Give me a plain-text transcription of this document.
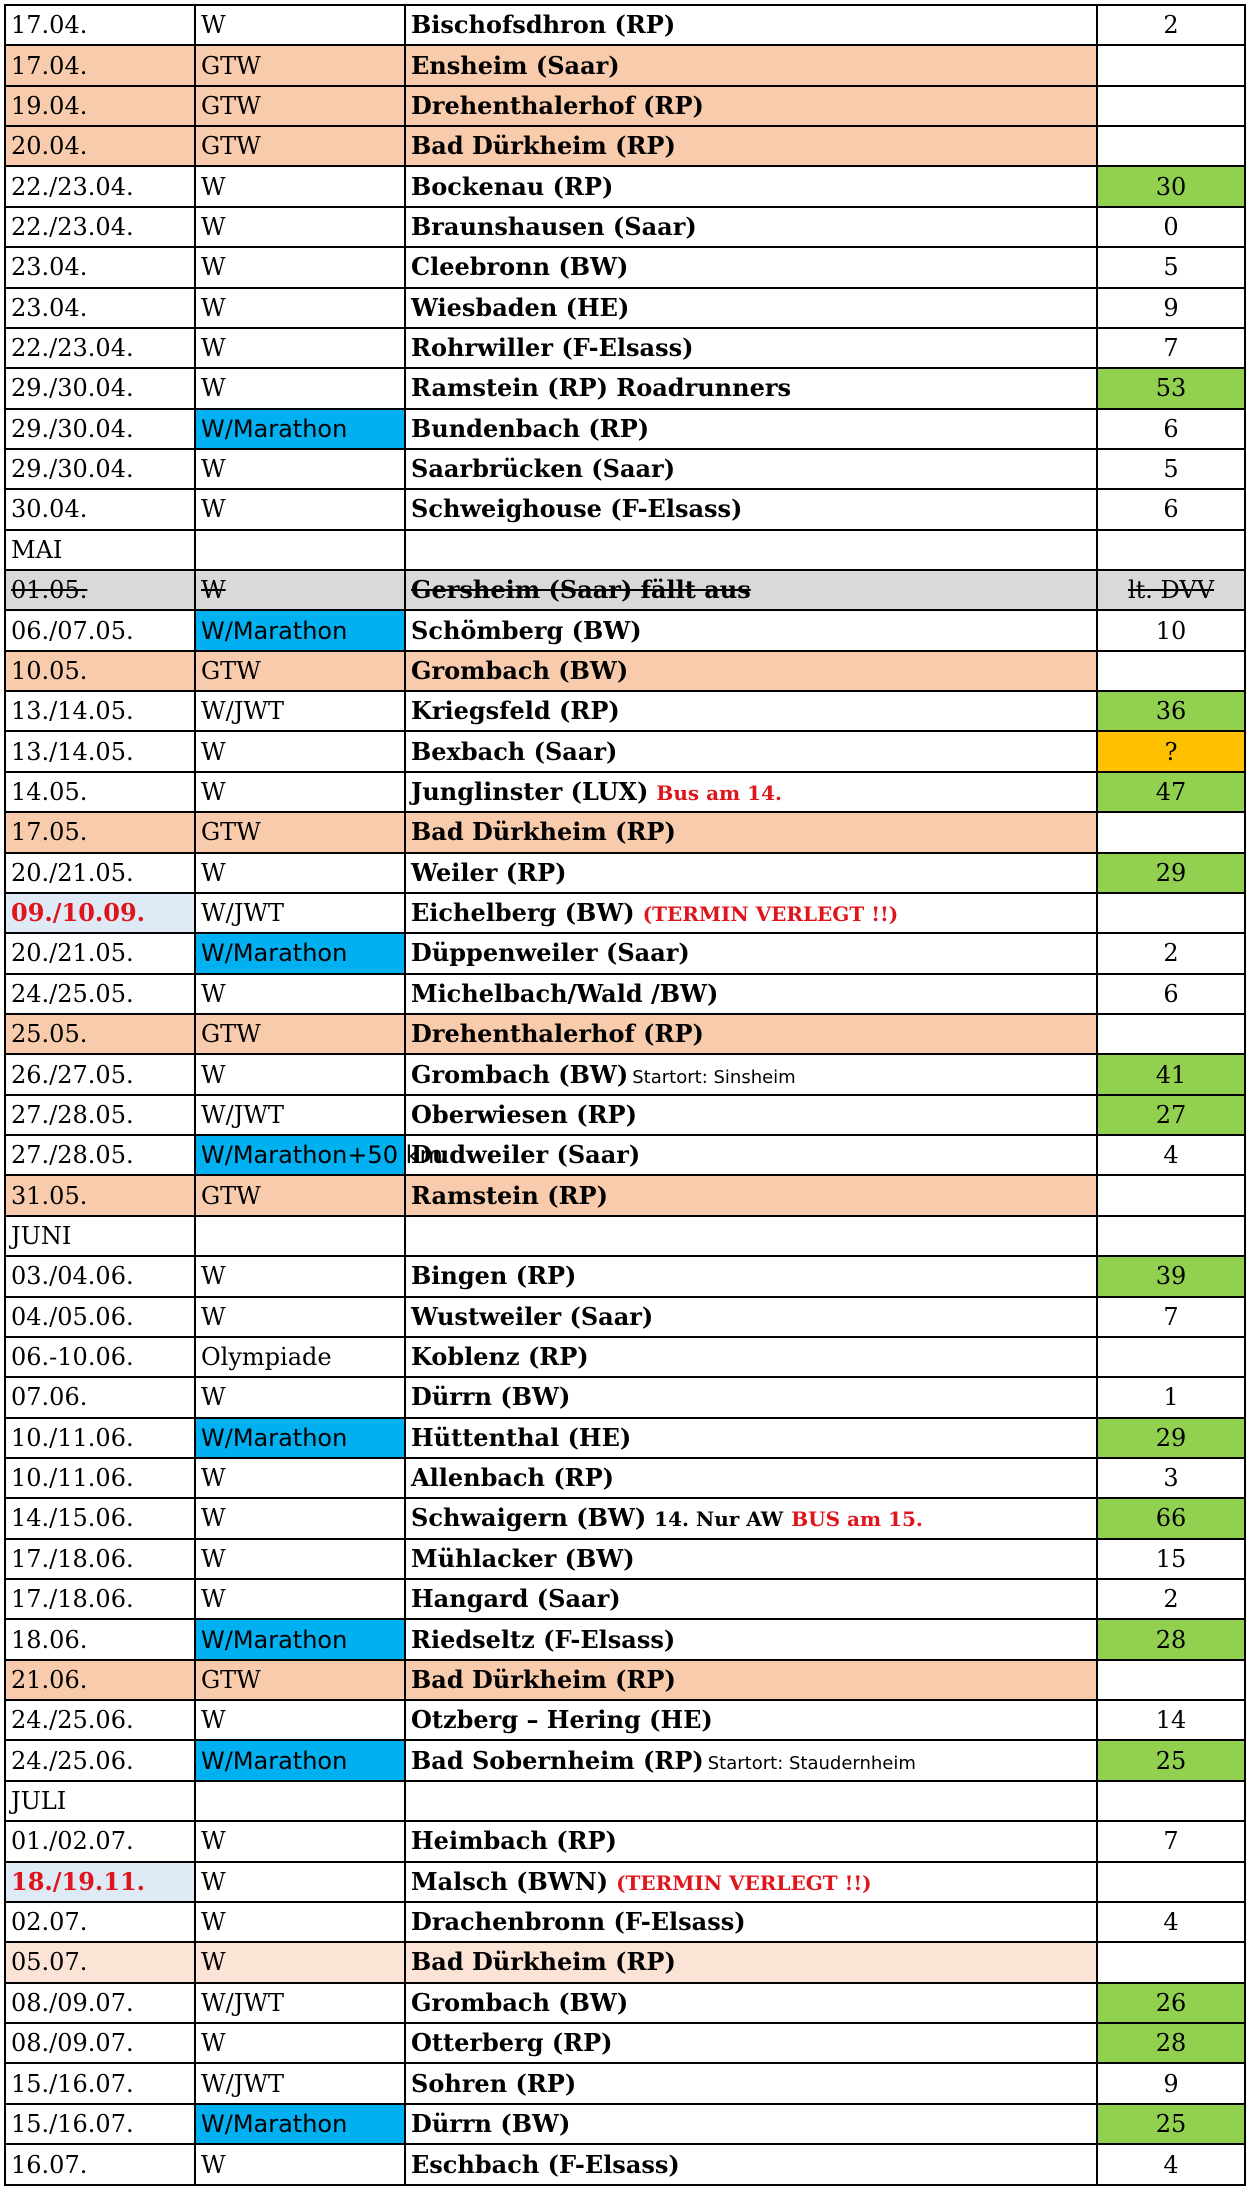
17.04.	W	Bischofsdhron (RP)	2
17.04.	GTW	Ensheim (Saar)	
19.04.	GTW	Drehenthalerhof (RP)	
20.04.	GTW	Bad Dürkheim (RP)	
22./23.04.	W	Bockenau (RP)	30
22./23.04.	W	Braunshausen (Saar)	0
23.04.	W	Cleebronn (BW)	5
23.04.	W	Wiesbaden (HE)	9
22./23.04.	W	Rohrwiller (F-Elsass)	7
29./30.04.	W	Ramstein (RP) Roadrunners	53
29./30.04.	W/Marathon	Bundenbach (RP)	6
29./30.04.	W	Saarbrücken (Saar)	5
30.04.	W	Schweighouse (F-Elsass)	6
MAI			
01.05.	W	Gersheim (Saar) fällt aus	lt. DVV
06./07.05.	W/Marathon	Schömberg (BW)	10
10.05.	GTW	Grombach (BW)	
13./14.05.	W/JWT	Kriegsfeld (RP)	36
13./14.05.	W	Bexbach (Saar)	?
14.05.	W	Junglinster (LUX) Bus am 14.	47
17.05.	GTW	Bad Dürkheim (RP)	
20./21.05.	W	Weiler (RP)	29
09./10.09.	W/JWT	Eichelberg (BW) (TERMIN VERLEGT !!)	
20./21.05.	W/Marathon	Düppenweiler (Saar)	2
24./25.05.	W	Michelbach/Wald /BW)	6
25.05.	GTW	Drehenthalerhof (RP)	
26./27.05.	W	Grombach (BW) Startort: Sinsheim	41
27./28.05.	W/JWT	Oberwiesen (RP)	27
27./28.05.	W/Marathon+50 km	Dudweiler (Saar)	4
31.05.	GTW	Ramstein (RP)	
JUNI			
03./04.06.	W	Bingen (RP)	39
04./05.06.	W	Wustweiler (Saar)	7
06.-10.06.	Olympiade	Koblenz (RP)	
07.06.	W	Dürrn (BW)	1
10./11.06.	W/Marathon	Hüttenthal (HE)	29
10./11.06.	W	Allenbach (RP)	3
14./15.06.	W	Schwaigern (BW) 14. Nur AW BUS am 15.	66
17./18.06.	W	Mühlacker (BW)	15
17./18.06.	W	Hangard (Saar)	2
18.06.	W/Marathon	Riedseltz (F-Elsass)	28
21.06.	GTW	Bad Dürkheim (RP)	
24./25.06.	W	Otzberg – Hering (HE)	14
24./25.06.	W/Marathon	Bad Sobernheim (RP) Startort: Staudernheim	25
JULI			
01./02.07.	W	Heimbach (RP)	7
18./19.11.	W	Malsch (BWN) (TERMIN VERLEGT !!)	
02.07.	W	Drachenbronn (F-Elsass)	4
05.07.	W	Bad Dürkheim (RP)	
08./09.07.	W/JWT	Grombach (BW)	26
08./09.07.	W	Otterberg (RP)	28
15./16.07.	W/JWT	Sohren (RP)	9
15./16.07.	W/Marathon	Dürrn (BW)	25
16.07.	W	Eschbach (F-Elsass)	4
